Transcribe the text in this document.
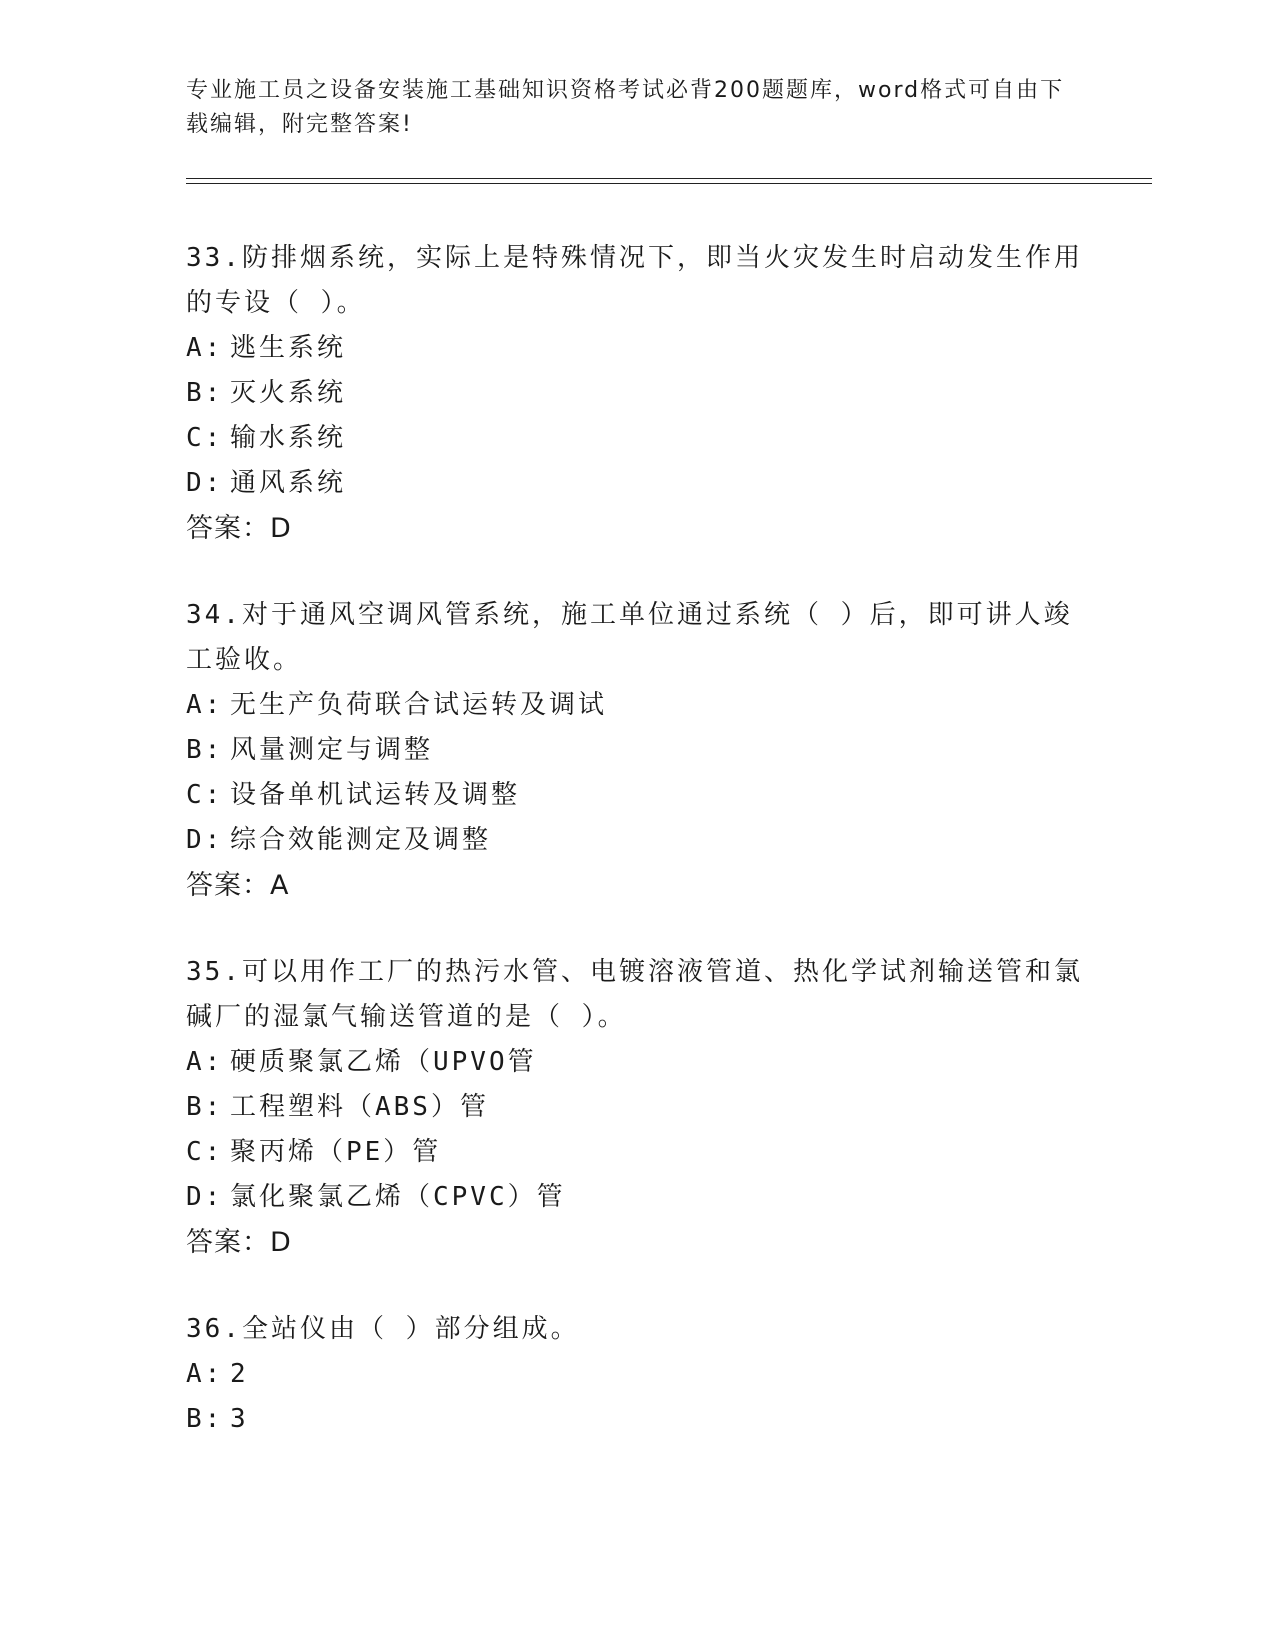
专业施工员之设备安装施工基础知识资格考试必背200题题库，word格式可自由下载编辑，附完整答案!

33.防排烟系统，实际上是特殊情况下，即当火灾发生时启动发生作用的专设（ ）。

A: 逃生系统
B: 灭火系统
C: 输水系统
D: 通风系统

答案：D

34.对于通风空调风管系统，施工单位通过系统（ ）后，即可讲人竣工验收。

A: 无生产负荷联合试运转及调试
B: 风量测定与调整
C: 设备单机试运转及调整
D: 综合效能测定及调整

答案：A

35.可以用作工厂的热污水管、电镀溶液管道、热化学试剂输送管和氯碱厂的湿氯气输送管道的是（ ）。

A: 硬质聚氯乙烯（UPVO管
B: 工程塑料（ABS）管
C: 聚丙烯（PE）管
D: 氯化聚氯乙烯（CPVC）管

答案：D

36.全站仪由（ ）部分组成。

A: 2
B: 3
